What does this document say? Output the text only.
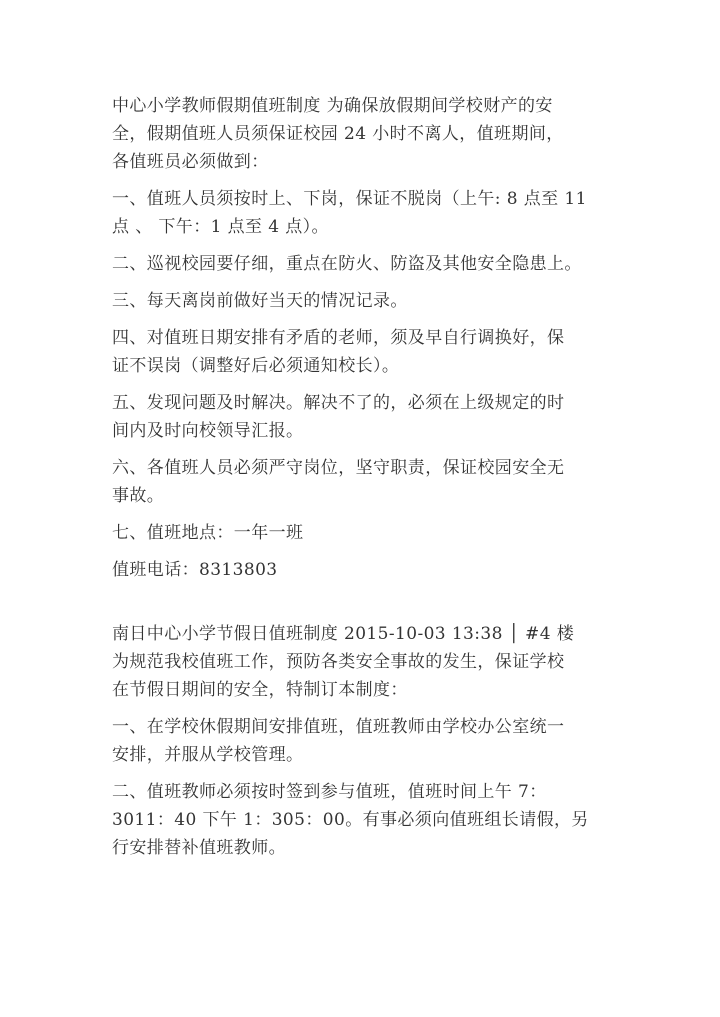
中心小学教师假期值班制度 为确保放假期间学校财产的安
全，假期值班人员须保证校园 24 小时不离人，值班期间，
各值班员必须做到：
一、值班人员须按时上、下岗，保证不脱岗（上午: 8 点至 11
点 、 下午：1 点至 4 点）。
二、巡视校园要仔细，重点在防火、防盗及其他安全隐患上。
三、每天离岗前做好当天的情况记录。
四、对值班日期安排有矛盾的老师，须及早自行调换好，保
证不误岗（调整好后必须通知校长）。
五、发现问题及时解决。解决不了的，必须在上级规定的时
间内及时向校领导汇报。
六、各值班人员必须严守岗位，坚守职责，保证校园安全无
事故。
七、值班地点：一年一班
值班电话：8313803
南日中心小学节假日值班制度 2015-10-03 13:38 │ #4 楼
为规范我校值班工作，预防各类安全事故的发生，保证学校
在节假日期间的安全，特制订本制度：
一、在学校休假期间安排值班，值班教师由学校办公室统一
安排，并服从学校管理。
二、值班教师必须按时签到参与值班，值班时间上午 7：
3011：40 下午 1：305：00。有事必须向值班组长请假，另
行安排替补值班教师。
